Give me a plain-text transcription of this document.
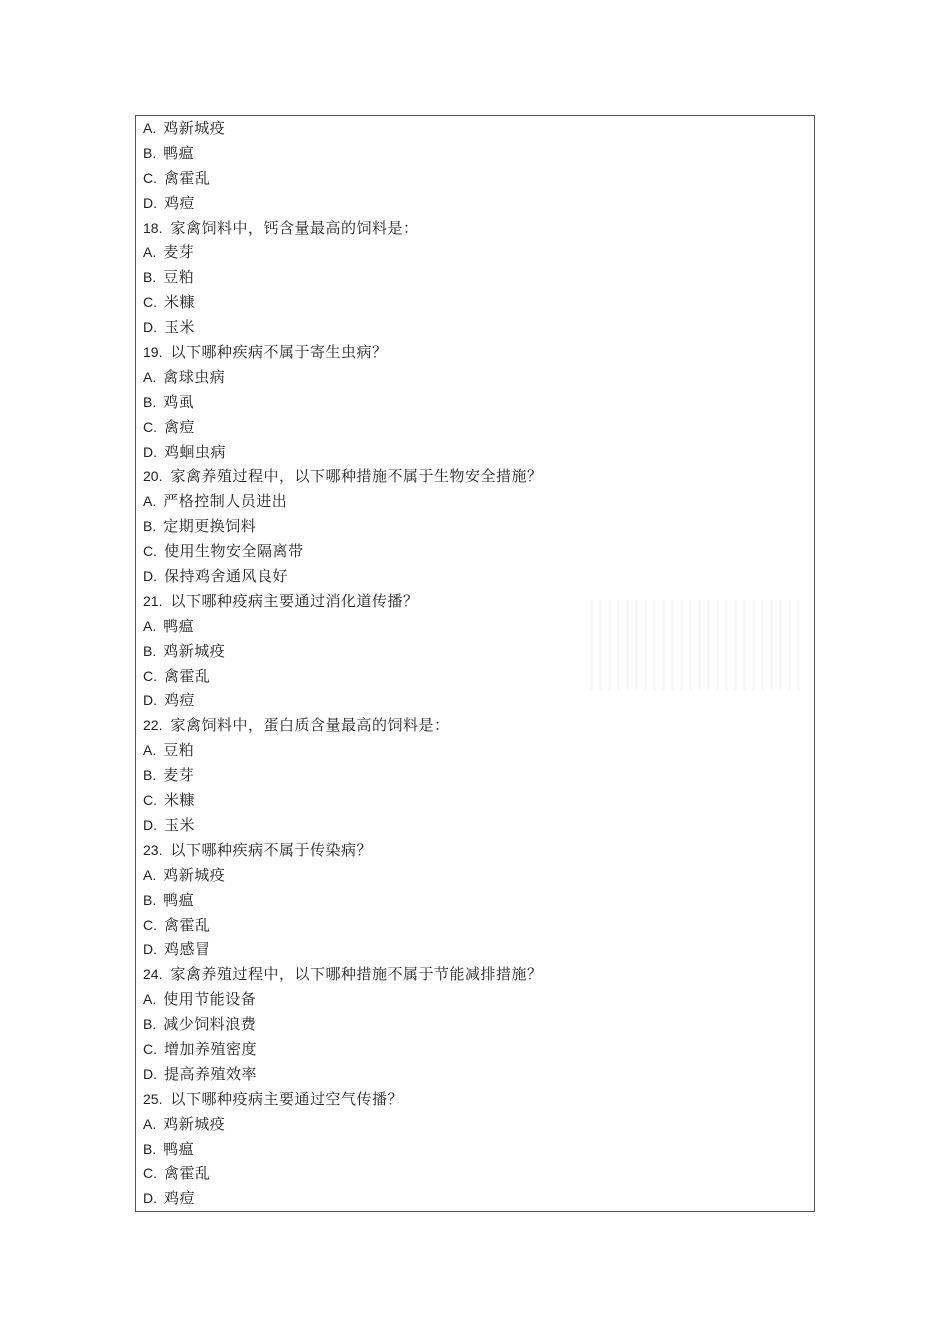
A. 鸡新城疫
B. 鸭瘟
C. 禽霍乱
D. 鸡痘
18. 家禽饲料中，钙含量最高的饲料是：
A. 麦芽
B. 豆粕
C. 米糠
D. 玉米
19. 以下哪种疾病不属于寄生虫病？
A. 禽球虫病
B. 鸡虱
C. 禽痘
D. 鸡蛔虫病
20. 家禽养殖过程中，以下哪种措施不属于生物安全措施？
A. 严格控制人员进出
B. 定期更换饲料
C. 使用生物安全隔离带
D. 保持鸡舍通风良好
21. 以下哪种疫病主要通过消化道传播？
A. 鸭瘟
B. 鸡新城疫
C. 禽霍乱
D. 鸡痘
22. 家禽饲料中，蛋白质含量最高的饲料是：
A. 豆粕
B. 麦芽
C. 米糠
D. 玉米
23. 以下哪种疾病不属于传染病？
A. 鸡新城疫
B. 鸭瘟
C. 禽霍乱
D. 鸡感冒
24. 家禽养殖过程中，以下哪种措施不属于节能减排措施？
A. 使用节能设备
B. 减少饲料浪费
C. 增加养殖密度
D. 提高养殖效率
25. 以下哪种疫病主要通过空气传播？
A. 鸡新城疫
B. 鸭瘟
C. 禽霍乱
D. 鸡痘
